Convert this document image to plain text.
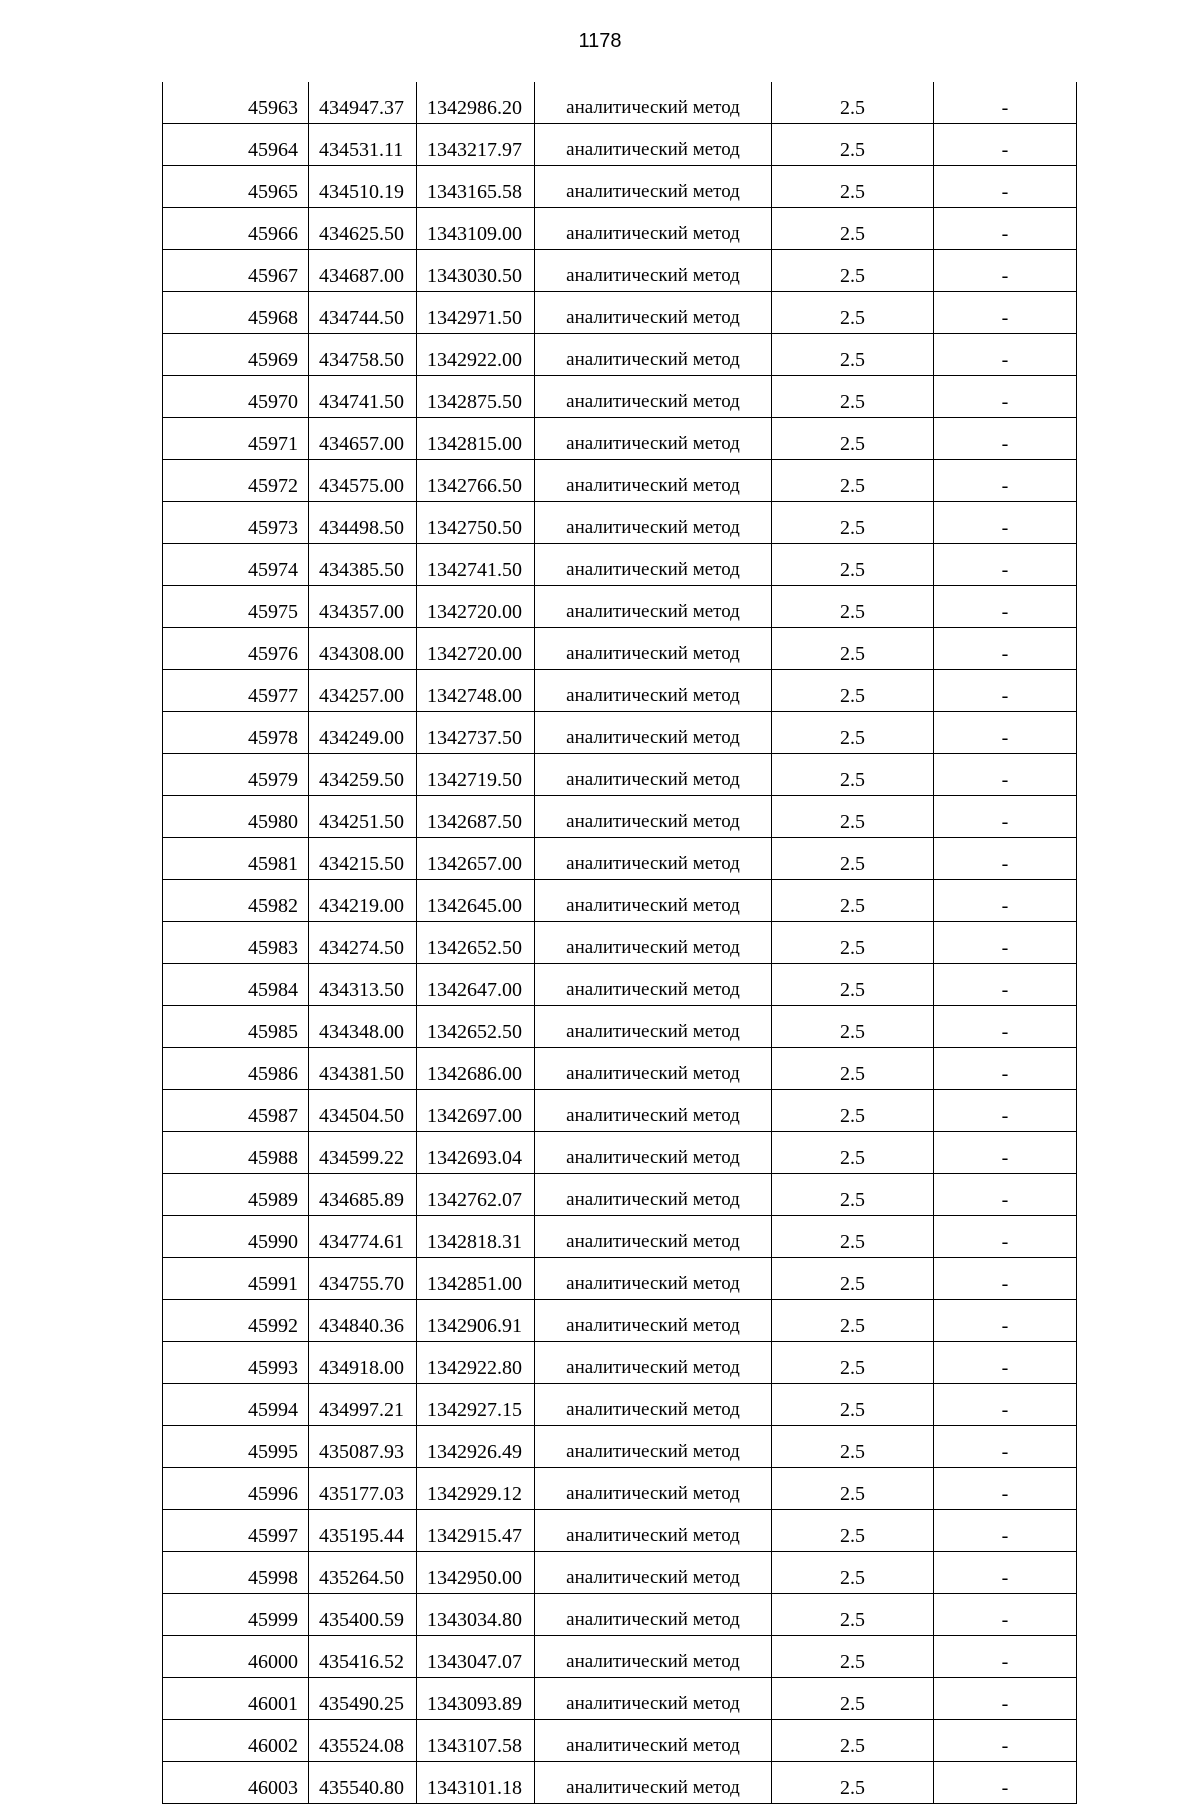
1178
45963	434947.37	1342986.20	аналитический метод	2.5	-
45964	434531.11	1343217.97	аналитический метод	2.5	-
45965	434510.19	1343165.58	аналитический метод	2.5	-
45966	434625.50	1343109.00	аналитический метод	2.5	-
45967	434687.00	1343030.50	аналитический метод	2.5	-
45968	434744.50	1342971.50	аналитический метод	2.5	-
45969	434758.50	1342922.00	аналитический метод	2.5	-
45970	434741.50	1342875.50	аналитический метод	2.5	-
45971	434657.00	1342815.00	аналитический метод	2.5	-
45972	434575.00	1342766.50	аналитический метод	2.5	-
45973	434498.50	1342750.50	аналитический метод	2.5	-
45974	434385.50	1342741.50	аналитический метод	2.5	-
45975	434357.00	1342720.00	аналитический метод	2.5	-
45976	434308.00	1342720.00	аналитический метод	2.5	-
45977	434257.00	1342748.00	аналитический метод	2.5	-
45978	434249.00	1342737.50	аналитический метод	2.5	-
45979	434259.50	1342719.50	аналитический метод	2.5	-
45980	434251.50	1342687.50	аналитический метод	2.5	-
45981	434215.50	1342657.00	аналитический метод	2.5	-
45982	434219.00	1342645.00	аналитический метод	2.5	-
45983	434274.50	1342652.50	аналитический метод	2.5	-
45984	434313.50	1342647.00	аналитический метод	2.5	-
45985	434348.00	1342652.50	аналитический метод	2.5	-
45986	434381.50	1342686.00	аналитический метод	2.5	-
45987	434504.50	1342697.00	аналитический метод	2.5	-
45988	434599.22	1342693.04	аналитический метод	2.5	-
45989	434685.89	1342762.07	аналитический метод	2.5	-
45990	434774.61	1342818.31	аналитический метод	2.5	-
45991	434755.70	1342851.00	аналитический метод	2.5	-
45992	434840.36	1342906.91	аналитический метод	2.5	-
45993	434918.00	1342922.80	аналитический метод	2.5	-
45994	434997.21	1342927.15	аналитический метод	2.5	-
45995	435087.93	1342926.49	аналитический метод	2.5	-
45996	435177.03	1342929.12	аналитический метод	2.5	-
45997	435195.44	1342915.47	аналитический метод	2.5	-
45998	435264.50	1342950.00	аналитический метод	2.5	-
45999	435400.59	1343034.80	аналитический метод	2.5	-
46000	435416.52	1343047.07	аналитический метод	2.5	-
46001	435490.25	1343093.89	аналитический метод	2.5	-
46002	435524.08	1343107.58	аналитический метод	2.5	-
46003	435540.80	1343101.18	аналитический метод	2.5	-
